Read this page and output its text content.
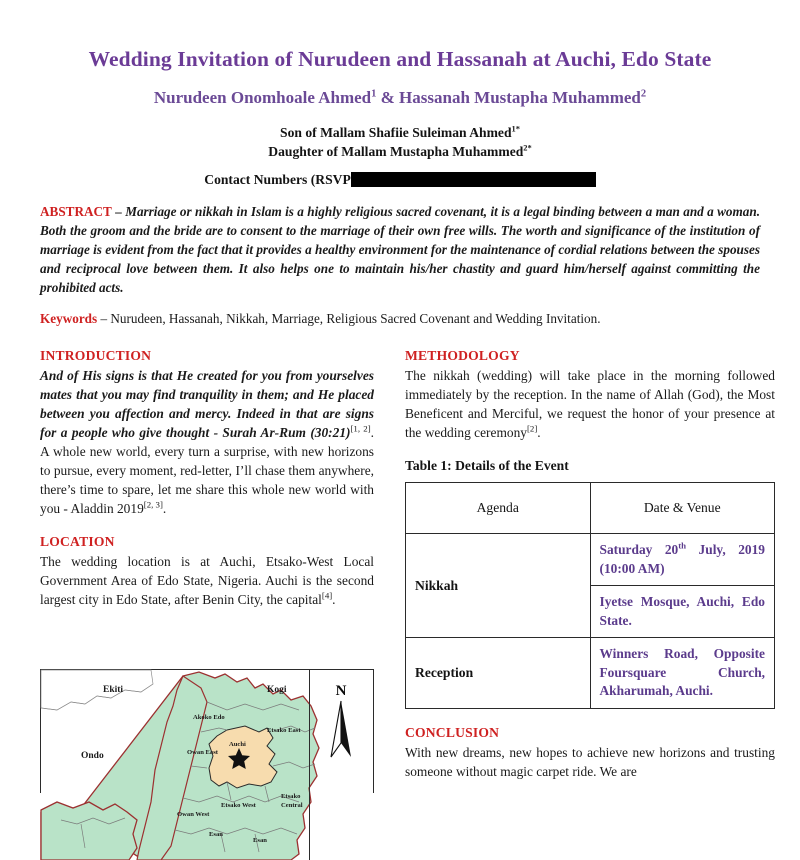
Wedding Invitation of Nurudeen and Hassanah at Auchi, Edo State
Nurudeen Onomhoale Ahmed$^1$ & Hassanah Mustapha Muhammed$^2$
Son of Mallam Shafiie Suleiman Ahmed$^{1*}$
Daughter of Mallam Mustapha Muhammed$^{2*}$
Contact Numbers (RSVP

ABSTRACT – Marriage or nikkah in Islam is a highly religious sacred covenant, it is a legal binding between a man and a woman. Both the groom and the bride are to consent to the marriage of their own free wills. The worth and significance of the institution of marriage is evident from the fact that it provides a healthy environment for the maintenance of cordial relations between the spouses and reciprocal love between them. It also helps one to maintain his/her chastity and guard him/herself against committing the prohibited acts.

Keywords – Nurudeen, Hassanah, Nikkah, Marriage, Religious Sacred Covenant and Wedding Invitation.

INTRODUCTION

And of His signs is that He created for you from yourselves mates that you may find tranquility in them; and He placed between you affection and mercy. Indeed in that are signs for a people who give thought - Surah Ar-Rum (30:21)[1, 2]. A whole new world, every turn a surprise, with new horizons to pursue, every moment, red-letter, I’ll chase them anywhere, there’s time to spare, let me share this whole new world with you - Aladdin 2019[2, 3].

LOCATION

The wedding location is at Auchi, Etsako-West Local Government Area of Edo State, Nigeria. Auchi is the second largest city in Edo State, after Benin City, the capital[4].

METHODOLOGY

The nikkah (wedding) will take place in the morning followed immediately by the reception. In the name of Allah (God), the Most Beneficent and Merciful, we request the honor of your presence at the wedding ceremony[2].

Table 1: Details of the Event
Agenda	Date & Venue
Nikkah	Saturday 20th July, 2019 (10:00 AM)
	Iyetse Mosque, Auchi, Edo State.
Reception	Winners Road, Opposite Foursquare Church, Akharumah, Auchi.
CONCLUSION

With new dreams, new hopes to achieve new horizons and trusting someone without magic carpet ride. We are

Ekiti	Kogi
Ondo
Akoko Edo
Etsako East
Owan East
Owan West
Etsako West
Etsako
Central
Auchi
Esan
Esan
N
